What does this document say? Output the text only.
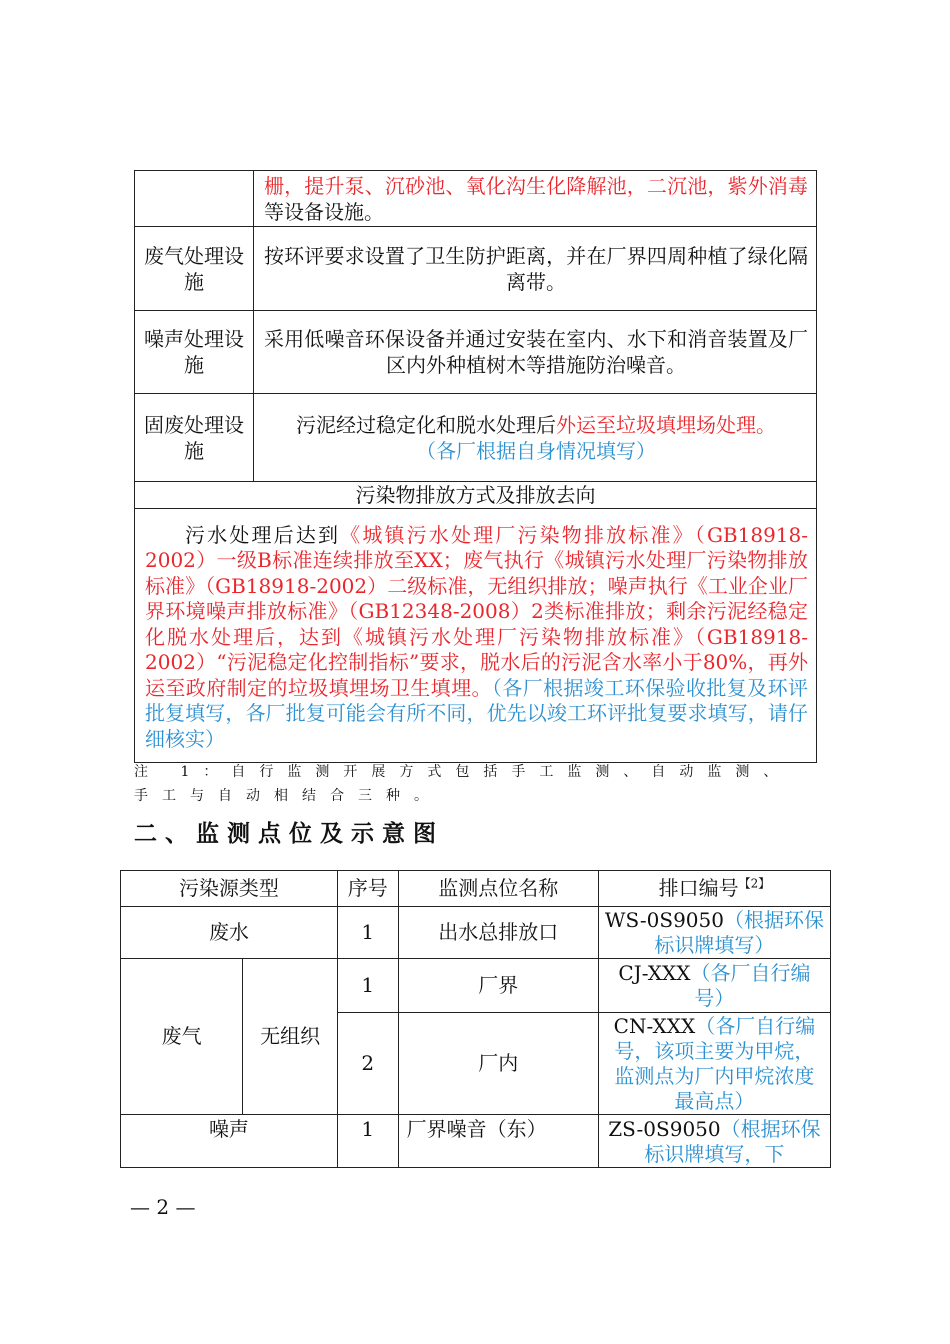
	栅，提升泵、沉砂池、氧化沟生化降解池，二沉池，紫外消毒等设备设施。
废气处理设施	按环评要求设置了卫生防护距离，并在厂界四周种植了绿化隔离带。
噪声处理设施	采用低噪音环保设备并通过安装在室内、水下和消音装置及厂区内外种植树木等措施防治噪音。
固废处理设施	污泥经过稳定化和脱水处理后外运至垃圾填埋场处理。
（各厂根据自身情况填写）

污染物排放方式及排放去向	
污水处理后达到《城镇污水处理厂污染物排放标准》（GB18918-2002）一级B标准连续排放至XX；废气执行《城镇污水处理厂污染物排放标准》（GB18918-2002）二级标准，无组织排放；噪声执行《工业企业厂界环境噪声排放标准》（GB12348-2008）2类标准排放；剩余污泥经稳定化脱水处理后，达到《城镇污水处理厂污染物排放标准》（GB18918-2002）“污泥稳定化控制指标”要求，脱水后的污泥含水率小于80%，再外运至政府制定的垃圾填埋场卫生填埋。（各厂根据竣工环保验收批复及环评批复填写，各厂批复可能会有所不同，优先以竣工环评批复要求填写，请仔细核实）	
注 1：自行监测开展方式包括手工监测、自动监测、手工与自动相结合三种。
二、监测点位及示意图
污染源类型		序号	监测点位名称	排口编号$^{【2】}$
废水		1	出水总排放口	WS-0S9050（根据环保标识牌填写）
废气	无组织	1	厂界	CJ-XXX（各厂自行编号）
		2	厂内	CN-XXX（各厂自行编号，该项主要为甲烷，监测点为厂内甲烷浓度最高点）
噪声		1	厂界噪音（东）	ZS-0S9050（根据环保标识牌填写，下
— 2 —
